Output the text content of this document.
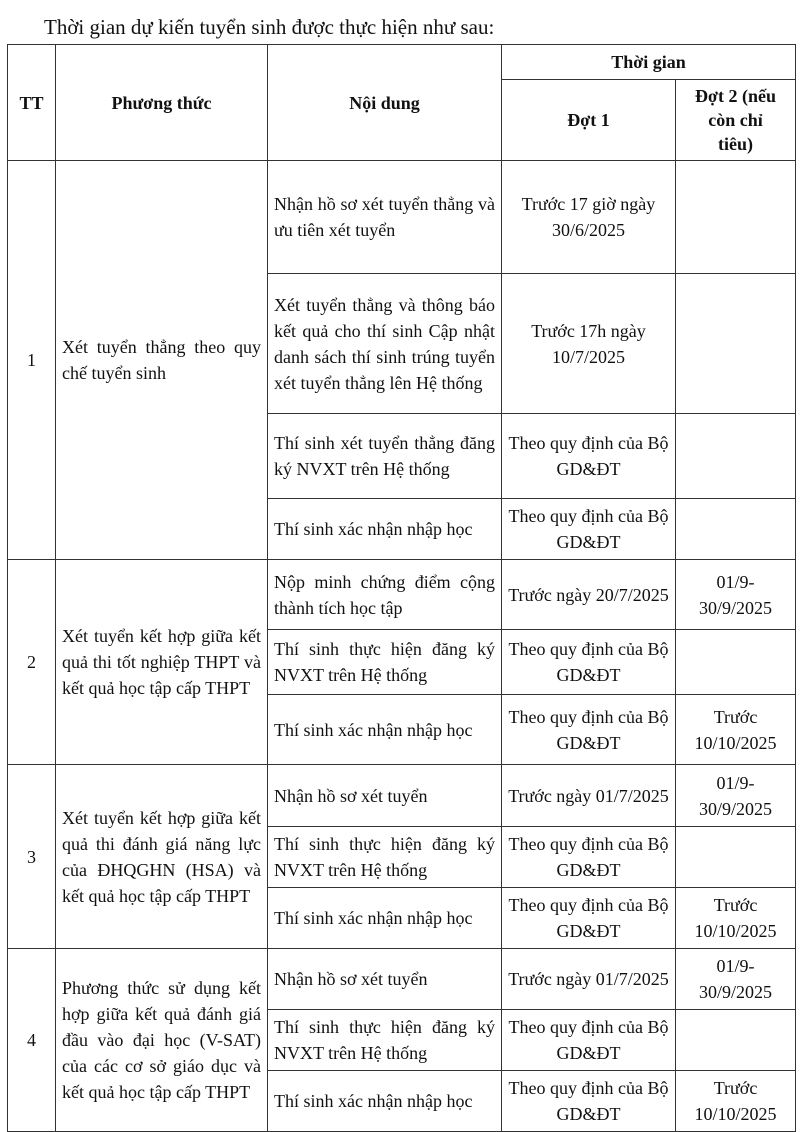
Thời gian dự kiến tuyển sinh được thực hiện như sau:
TT	Phương thức	Nội dung	Thời gian	
			Đợt 1	Đợt 2 (nếu
còn chỉ
tiêu)

1	Xét tuyển thẳng theo quy chế tuyển sinh	Nhận hồ sơ xét tuyển thẳng và ưu tiên xét tuyển	Trước 17 giờ ngày 30/6/2025	
		Xét tuyển thẳng và thông báo kết quả cho thí sinh Cập nhật danh sách thí sinh trúng tuyển xét tuyển thẳng lên Hệ thống	Trước 17h ngày 10/7/2025	
		Thí sinh xét tuyển thẳng đăng ký NVXT trên Hệ thống	Theo quy định của Bộ GD&ĐT	
		Thí sinh xác nhận nhập học	Theo quy định của Bộ GD&ĐT	
2	Xét tuyển kết hợp giữa kết quả thi tốt nghiệp THPT và kết quả học tập cấp THPT	Nộp minh chứng điểm cộng thành tích học tập	Trước ngày 20/7/2025	01/9-30/9/2025
		Thí sinh thực hiện đăng ký NVXT trên Hệ thống	Theo quy định của Bộ GD&ĐT	
		Thí sinh xác nhận nhập học	Theo quy định của Bộ GD&ĐT	Trước 10/10/2025
3	Xét tuyển kết hợp giữa kết quả thi đánh giá năng lực của ĐHQGHN (HSA) và kết quả học tập cấp THPT	Nhận hồ sơ xét tuyển	Trước ngày 01/7/2025	01/9-30/9/2025
		Thí sinh thực hiện đăng ký NVXT trên Hệ thống	Theo quy định của Bộ GD&ĐT	
		Thí sinh xác nhận nhập học	Theo quy định của Bộ GD&ĐT	Trước 10/10/2025
4	Phương thức sử dụng kết hợp giữa kết quả đánh giá đầu vào đại học (V-SAT) của các cơ sở giáo dục và kết quả học tập cấp THPT	Nhận hồ sơ xét tuyển	Trước ngày 01/7/2025	01/9-30/9/2025
		Thí sinh thực hiện đăng ký NVXT trên Hệ thống	Theo quy định của Bộ GD&ĐT	
		Thí sinh xác nhận nhập học	Theo quy định của Bộ GD&ĐT	Trước 10/10/2025
